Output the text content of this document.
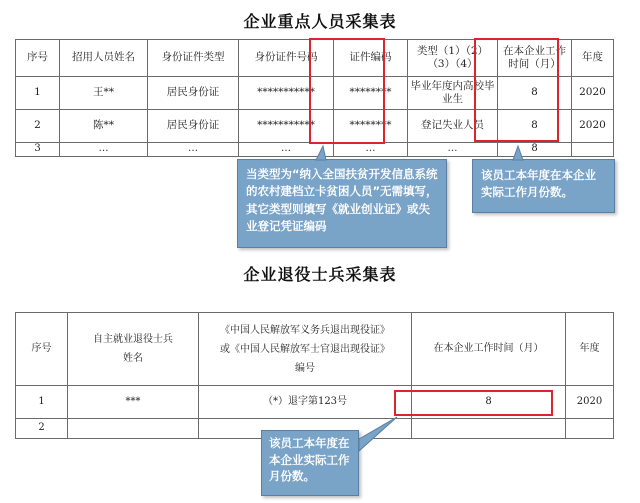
企业重点人员采集表
序号	招用人员姓名	身份证件类型	身份证件号码	证件编码	类型（1）（2）（3）（4）	在本企业工作时间（月）	年度
1	王**	居民身份证	***********	********	毕业年度内高校毕业生	8	2020
2	陈**	居民身份证	***********	********	登记失业人员	8	2020
3	…	…	…	…	…	8	
当类型为“纳入全国扶贫开发信息系统的农村建档立卡贫困人员”无需填写，其它类型则填写《就业创业证》或失业登记凭证编码
该员工本年度在本企业实际工作月份数。
企业退役士兵采集表
序号	自主就业退役士兵姓名	《中国人民解放军义务兵退出现役证》或《中国人民解放军士官退出现役证》编号	在本企业工作时间（月）	年度
1	***	（*）退字第123号	8	2020
2				
该员工本年度在本企业实际工作月份数。
